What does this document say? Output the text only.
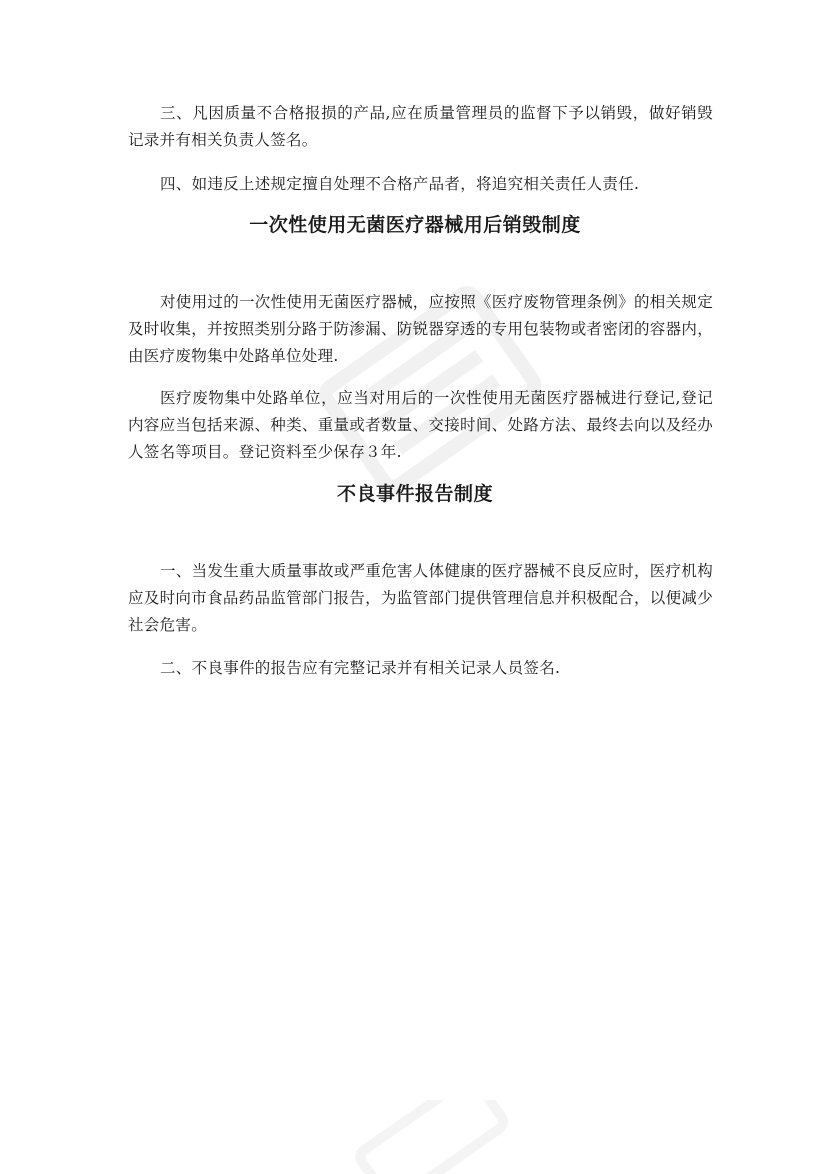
三、凡因质量不合格报损的产品,应在质量管理员的监督下予以销毁，做好销毁记录并有相关负责人签名。

四、如违反上述规定擅自处理不合格产品者，将追究相关责任人责任.

一次性使用无菌医疗器械用后销毁制度

对使用过的一次性使用无菌医疗器械，应按照《医疗废物管理条例》的相关规定及时收集，并按照类别分路于防渗漏、防锐器穿透的专用包装物或者密闭的容器内，由医疗废物集中处路单位处理.

医疗废物集中处路单位，应当对用后的一次性使用无菌医疗器械进行登记,登记内容应当包括来源、种类、重量或者数量、交接时间、处路方法、最终去向以及经办人签名等项目。登记资料至少保存３年.

不良事件报告制度

一、当发生重大质量事故或严重危害人体健康的医疗器械不良反应时，医疗机构应及时向市食品药品监管部门报告，为监管部门提供管理信息并积极配合，以便减少社会危害。

二、不良事件的报告应有完整记录并有相关记录人员签名.
